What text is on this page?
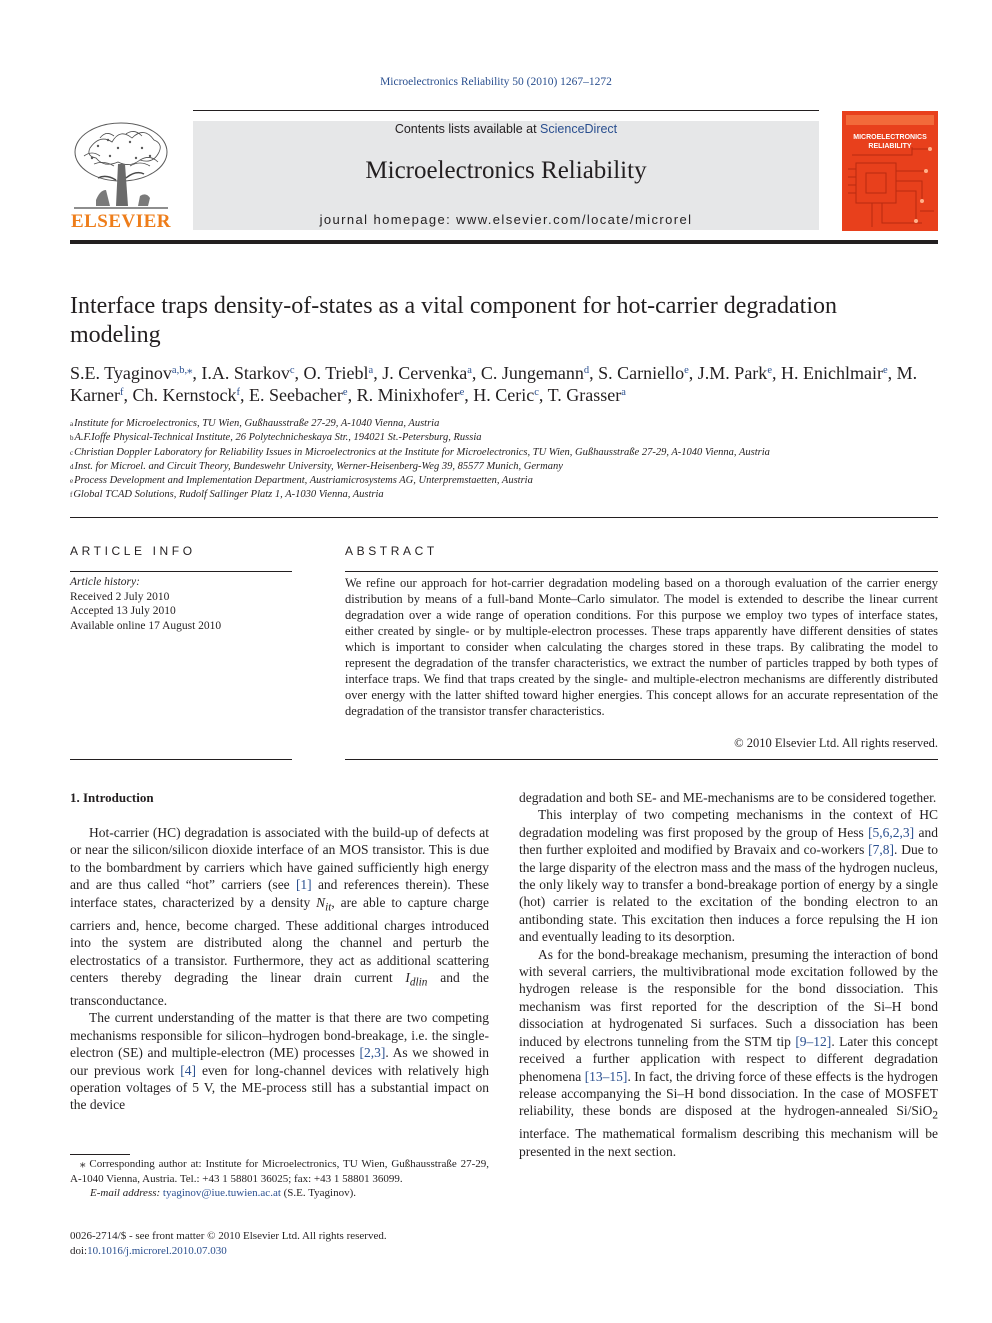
Microelectronics Reliability 50 (2010) 1267–1272
ELSEVIER
Contents lists available at ScienceDirect
Microelectronics Reliability
journal homepage: www.elsevier.com/locate/microrel
MICROELECTRONICS
RELIABILITY
Interface traps density-of-states as a vital component for hot-carrier degradation modeling
S.E. Tyaginov$^{a,b,⁎}$, I.A. Starkov$^c$, O. Triebl$^a$, J. Cervenka$^a$, C. Jungemann$^d$, S. Carniello$^e$, J.M. Park$^e$, H. Enichlmair$^e$, M. Karner$^f$, Ch. Kernstock$^f$, E. Seebacher$^e$, R. Minixhofer$^e$, H. Ceric$^c$, T. Grasser$^a$
$^a$Institute for Microelectronics, TU Wien, Gußhausstraße 27-29, A-1040 Vienna, Austria
$^b$A.F.Ioffe Physical-Technical Institute, 26 Polytechnicheskaya Str., 194021 St.-Petersburg, Russia
$^c$Christian Doppler Laboratory for Reliability Issues in Microelectronics at the Institute for Microelectronics, TU Wien, Gußhausstraße 27-29, A-1040 Vienna, Austria
$^d$Inst. for Microel. and Circuit Theory, Bundeswehr University, Werner-Heisenberg-Weg 39, 85577 Munich, Germany
$^e$Process Development and Implementation Department, Austriamicrosystems AG, Unterpremstaetten, Austria
$^f$Global TCAD Solutions, Rudolf Sallinger Platz 1, A-1030 Vienna, Austria
ARTICLE INFO	ABSTRACT
Article history:
Received 2 July 2010
Accepted 13 July 2010
Available online 17 August 2010
We refine our approach for hot-carrier degradation modeling based on a thorough evaluation of the carrier energy distribution by means of a full-band Monte–Carlo simulator. The model is extended to describe the linear current degradation over a wide range of operation conditions. For this purpose we employ two types of interface states, either created by single- or by multiple-electron processes. These traps apparently have different densities of states which is important to consider when calculating the charges stored in these traps. By calibrating the model to represent the degradation of the transfer characteristics, we extract the number of particles trapped by both types of interface traps. We find that traps created by the single- and multiple-electron mechanisms are differently distributed over energy with the latter shifted toward higher energies. This concept allows for an accurate representation of the degradation of the transistor transfer characteristics.
© 2010 Elsevier Ltd. All rights reserved.
1. Introduction

Hot-carrier (HC) degradation is associated with the build-up of defects at or near the silicon/silicon dioxide interface of an MOS transistor. This is due to the bombardment by carriers which have gained sufficiently high energy and are thus called “hot” carriers (see [1] and references therein). These interface states, characterized by a density $N_{it}$, are able to capture charge carriers and, hence, become charged. These additional charges introduced into the system are distributed along the channel and perturb the electrostatics of a transistor. Furthermore, they act as additional scattering centers thereby degrading the linear drain current $I_{dlin}$ and the transconductance.

The current understanding of the matter is that there are two competing mechanisms responsible for silicon–hydrogen bond-breakage, i.e. the single-electron (SE) and multiple-electron (ME) processes [2,3]. As we showed in our previous work [4] even for long-channel devices with relatively high operation voltages of 5 V, the ME-process still has a substantial impact on the device

degradation and both SE- and ME-mechanisms are to be considered together.

This interplay of two competing mechanisms in the context of HC degradation modeling was first proposed by the group of Hess [5,6,2,3] and then further exploited and modified by Bravaix and co-workers [7,8]. Due to the large disparity of the electron mass and the mass of the hydrogen nucleus, the only likely way to transfer a bond-breakage portion of energy by a single (hot) carrier is related to the excitation of the bonding electron to an antibonding state. This excitation then induces a force repulsing the H ion and eventually leading to its desorption.

As for the bond-breakage mechanism, presuming the interaction of bond with several carriers, the multivibrational mode excitation followed by the hydrogen release is the responsible for the bond dissociation. This mechanism was first reported for the description of the Si–H bond dissociation at hydrogenated Si surfaces. Such a dissociation has been induced by electrons tunneling from the STM tip [9–12]. Later this concept received a further application with respect to different degradation phenomena [13–15]. In fact, the driving force of these effects is the hydrogen release accompanying the Si–H bond dissociation. In the case of MOSFET reliability, these bonds are disposed at the hydrogen-annealed Si/SiO$_2$ interface. The mathematical formalism describing this mechanism will be presented in the next section.

⁎ Corresponding author at: Institute for Microelectronics, TU Wien, Gußhausstraße 27-29, A-1040 Vienna, Austria. Tel.: +43 1 58801 36025; fax: +43 1 58801 36099.
E-mail address: tyaginov@iue.tuwien.ac.at (S.E. Tyaginov).
0026-2714/$ - see front matter © 2010 Elsevier Ltd. All rights reserved.
doi:10.1016/j.microrel.2010.07.030
